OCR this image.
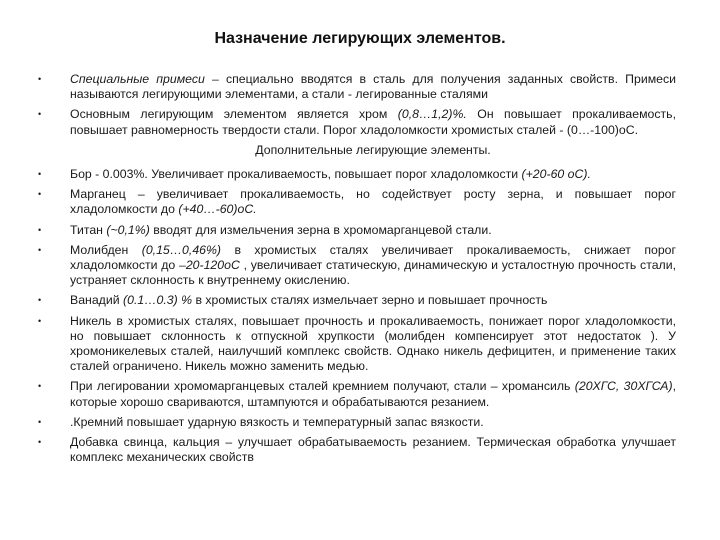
Назначение легирующих элементов.
• Специальные примеси – специально вводятся в сталь для получения заданных свойств. Примеси называются легирующими элементами, а стали - легированные сталями
• Основным легирующим элементом является хром (0,8…1,2)%. Он повышает прокаливаемость, повышает равномерность твердости стали. Порог хладоломкости хромистых сталей - (0…-100)оС.
Дополнительные легирующие элементы.
• Бор - 0.003%. Увеличивает прокаливаемость, повышает порог хладоломкости (+20-60 оС).
• Марганец – увеличивает прокаливаемость, но содействует росту зерна, и повышает порог хладоломкости до (+40…-60)оС.
• Титан (~0,1%) вводят для измельчения зерна в хромомарганцевой стали.
• Молибден (0,15…0,46%) в хромистых сталях увеличивает прокаливаемость, снижает порог хладоломкости до –20-120оС , увеличивает статическую, динамическую и усталостную прочность стали, устраняет склонность к внутреннему окислению.
• Ванадий (0.1…0.3) % в хромистых сталях измельчает зерно и повышает прочность
• Никель в хромистых сталях, повышает прочность и прокаливаемость, понижает порог хладоломкости, но повышает склонность к отпускной хрупкости (молибден компенсирует этот недостаток ). У хромоникелевых сталей, наилучший комплекс свойств. Однако никель дефицитен, и применение таких сталей ограничено. Никель можно заменить медью.
• При легировании хромомарганцевых сталей кремнием получают, стали – хромансиль (20ХГС, 30ХГСА), которые хорошо свариваются, штампуются и обрабатываются резанием.
• .Кремний повышает ударную вязкость и температурный запас вязкости.
• Добавка свинца, кальция – улучшает обрабатываемость резанием. Термическая обработка улучшает комплекс механических свойств
